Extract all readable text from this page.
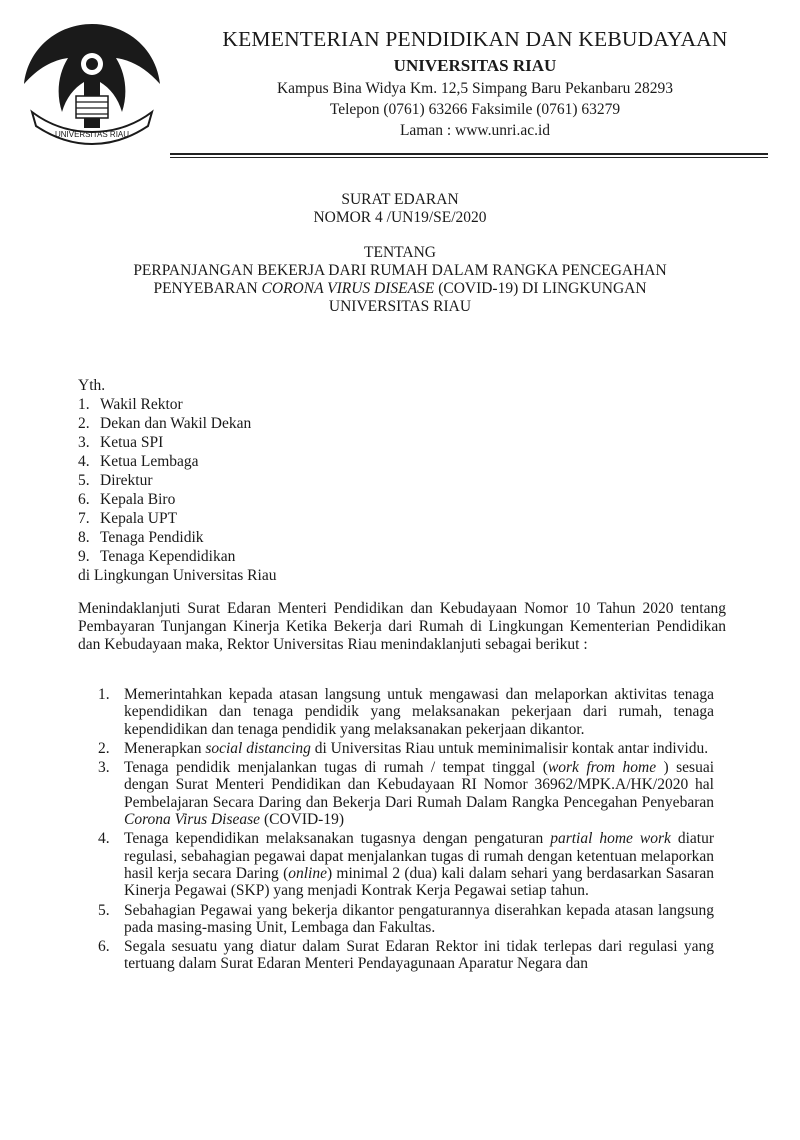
UNIVERSITAS RIAU
KEMENTERIAN PENDIDIKAN DAN KEBUDAYAAN
UNIVERSITAS RIAU
Kampus Bina Widya Km. 12,5 Simpang Baru Pekanbaru 28293
Telepon (0761) 63266 Faksimile (0761) 63279
Laman : www.unri.ac.id
SURAT EDARAN
NOMOR 4 /UN19/SE/2020
TENTANG
PERPANJANGAN BEKERJA DARI RUMAH DALAM RANGKA PENCEGAHAN
PENYEBARAN CORONA VIRUS DISEASE (COVID-19) DI LINGKUNGAN
UNIVERSITAS RIAU
Yth.
1. Wakil Rektor
2. Dekan dan Wakil Dekan
3. Ketua SPI
4. Ketua Lembaga
5. Direktur
6. Kepala Biro
7. Kepala UPT
8. Tenaga Pendidik
9. Tenaga Kependidikan
di Lingkungan Universitas Riau
Menindaklanjuti Surat Edaran Menteri Pendidikan dan Kebudayaan Nomor 10 Tahun 2020 tentang Pembayaran Tunjangan Kinerja Ketika Bekerja dari Rumah di Lingkungan Kementerian Pendidikan dan Kebudayaan maka, Rektor Universitas Riau menindaklanjuti sebagai berikut :
1. Memerintahkan kepada atasan langsung untuk mengawasi dan melaporkan aktivitas tenaga kependidikan dan tenaga pendidik yang melaksanakan pekerjaan dari rumah, tenaga kependidikan dan tenaga pendidik yang melaksanakan pekerjaan dikantor.
2. Menerapkan social distancing di Universitas Riau untuk meminimalisir kontak antar individu.
3. Tenaga pendidik menjalankan tugas di rumah / tempat tinggal (work from home ) sesuai dengan Surat Menteri Pendidikan dan Kebudayaan RI Nomor 36962/MPK.A/HK/2020 hal Pembelajaran Secara Daring dan Bekerja Dari Rumah Dalam Rangka Pencegahan Penyebaran Corona Virus Disease (COVID-19)
4. Tenaga kependidikan melaksanakan tugasnya dengan pengaturan partial home work diatur regulasi, sebahagian pegawai dapat menjalankan tugas di rumah dengan ketentuan melaporkan hasil kerja secara Daring (online) minimal 2 (dua) kali dalam sehari yang berdasarkan Sasaran Kinerja Pegawai (SKP) yang menjadi Kontrak Kerja Pegawai setiap tahun.
5. Sebahagian Pegawai yang bekerja dikantor pengaturannya diserahkan kepada atasan langsung pada masing-masing Unit, Lembaga dan Fakultas.
6. Segala sesuatu yang diatur dalam Surat Edaran Rektor ini tidak terlepas dari regulasi yang tertuang dalam Surat Edaran Menteri Pendayagunaan Aparatur Negara dan
